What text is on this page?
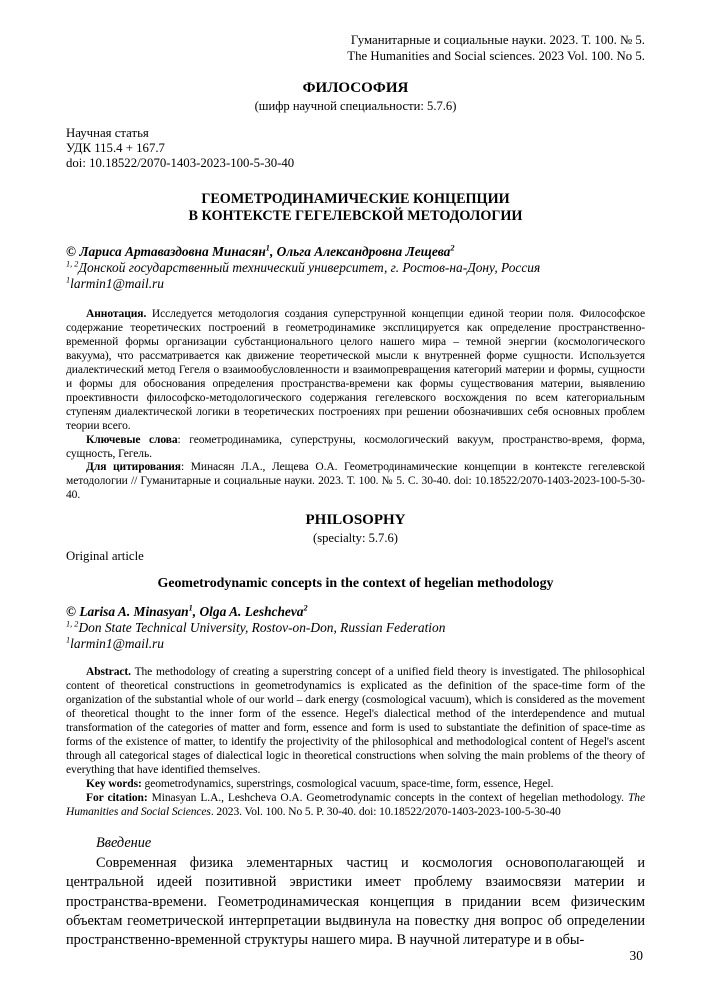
Гуманитарные и социальные науки. 2023. Т. 100. № 5.

The Humanities and Social sciences. 2023 Vol. 100. No 5.

ФИЛОСОФИЯ

(шифр научной специальности: 5.7.6)

Научная статья

УДК 115.4 + 167.7

doi: 10.18522/2070-1403-2023-100-5-30-40

ГЕОМЕТРОДИНАМИЧЕСКИЕ КОНЦЕПЦИИ

В КОНТЕКСТЕ ГЕГЕЛЕВСКОЙ МЕТОДОЛОГИИ

© Лариса Артаваздовна Минасян$^1$, Ольга Александровна Лещева$^2$

$^{1, 2}$Донской государственный технический университет, г. Ростов-на-Дону, Россия

$^1$larmin1@mail.ru

Аннотация. Исследуется методология создания суперструнной концепции единой теории поля. Философское содержание теоретических построений в геометродинамике эксплицируется как определение пространственно-временной формы организации субстанционального целого нашего мира – темной энергии (космологического вакуума), что рассматривается как движение теоретической мысли к внутренней форме сущности. Используется диалектический метод Гегеля о взаимообусловленности и взаимопревращения категорий материи и формы, сущности и формы для обоснования определения пространства-времени как формы существования материи, выявлению проективности философско-методологического содержания гегелевского восхождения по всем категориальным ступеням диалектической логики в теоретических построениях при решении обозначивших себя основных проблем теории всего.

Ключевые слова: геометродинамика, суперструны, космологический вакуум, пространство-время, форма, сущность, Гегель.

Для цитирования: Минасян Л.А., Лещева О.А. Геометродинамические концепции в контексте гегелевской методологии // Гуманитарные и социальные науки. 2023. Т. 100. № 5. С. 30-40. doi: 10.18522/2070-1403-2023-100-5-30-40.

PHILOSOPHY

(specialty: 5.7.6)

Original article

Geometrodynamic concepts in the context of hegelian methodology

© Larisa A. Minasyan$^1$, Olga A. Leshcheva$^2$

$^{1, 2}$Don State Technical University, Rostov-on-Don, Russian Federation

$^1$larmin1@mail.ru

Abstract. The methodology of creating a superstring concept of a unified field theory is investigated. The philosophical content of theoretical constructions in geometrodynamics is explicated as the definition of the space-time form of the organization of the substantial whole of our world – dark energy (cosmological vacuum), which is considered as the movement of theoretical thought to the inner form of the essence. Hegel's dialectical method of the interdependence and mutual transformation of the categories of matter and form, essence and form is used to substantiate the definition of space-time as forms of the existence of matter, to identify the projectivity of the philosophical and methodological content of Hegel's ascent through all categorical stages of dialectical logic in theoretical constructions when solving the main problems of the theory of everything that have identified themselves.

Key words: geometrodynamics, superstrings, cosmological vacuum, space-time, form, essence, Hegel.

For citation: Minasyan L.A., Leshcheva O.A. Geometrodynamic concepts in the context of hegelian methodology. The Humanities and Social Sciences. 2023. Vol. 100. No 5. P. 30-40. doi: 10.18522/2070-1403-2023-100-5-30-40

Введение

Современная физика элементарных частиц и космология основополагающей и центральной идеей позитивной эвристики имеет проблему взаимосвязи материи и пространства-времени. Геометродинамическая концепция в придании всем физическим объектам геометрической интерпретации выдвинула на повестку дня вопрос об определении пространственно-временной структуры нашего мира. В научной литературе и в обы-

30
